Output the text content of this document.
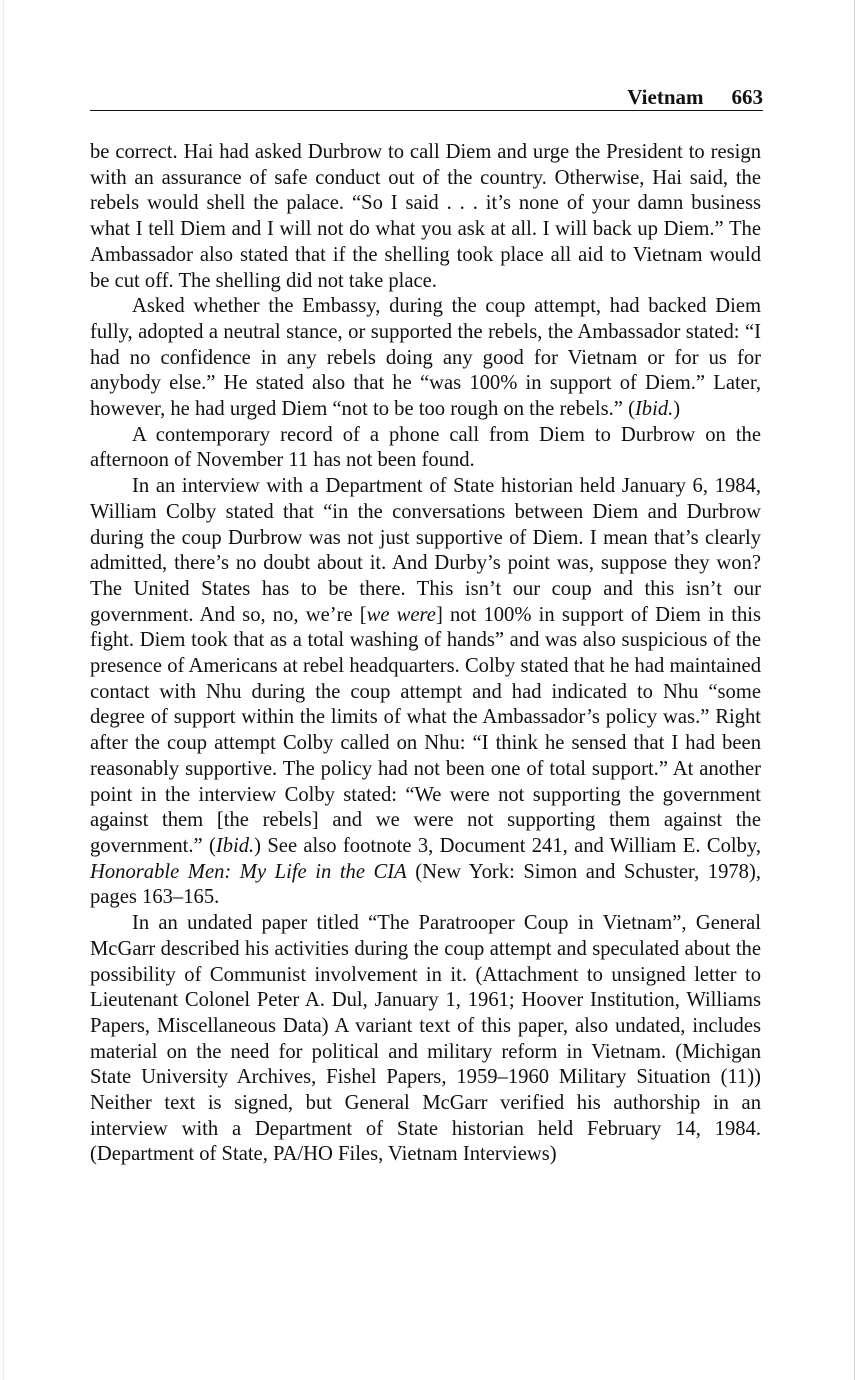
Vietnam 663

be correct. Hai had asked Durbrow to call Diem and urge the President to resign with an assurance of safe conduct out of the country. Otherwise, Hai said, the rebels would shell the palace. “So I said . . . it’s none of your damn business what I tell Diem and I will not do what you ask at all. I will back up Diem.” The Ambassador also stated that if the shelling took place all aid to Vietnam would be cut off. The shelling did not take place.

Asked whether the Embassy, during the coup attempt, had backed Diem fully, adopted a neutral stance, or supported the rebels, the Ambassador stated: “I had no confidence in any rebels doing any good for Vietnam or for us for anybody else.” He stated also that he “was 100% in support of Diem.” Later, however, he had urged Diem “not to be too rough on the rebels.” (Ibid.)

A contemporary record of a phone call from Diem to Durbrow on the afternoon of November 11 has not been found.

In an interview with a Department of State historian held January 6, 1984, William Colby stated that “in the conversations between Diem and Durbrow during the coup Durbrow was not just supportive of Diem. I mean that’s clearly admitted, there’s no doubt about it. And Durby’s point was, suppose they won? The United States has to be there. This isn’t our coup and this isn’t our government. And so, no, we’re [we were] not 100% in support of Diem in this fight. Diem took that as a total washing of hands” and was also suspicious of the presence of Americans at rebel headquarters. Colby stated that he had maintained contact with Nhu during the coup attempt and had indicated to Nhu “some degree of support within the limits of what the Ambassador’s policy was.” Right after the coup attempt Colby called on Nhu: “I think he sensed that I had been reasonably supportive. The policy had not been one of total support.” At another point in the interview Colby stated: “We were not supporting the government against them [the rebels] and we were not supporting them against the government.” (Ibid.) See also footnote 3, Document 241, and William E. Colby, Honorable Men: My Life in the CIA (New York: Simon and Schuster, 1978), pages 163–165.

In an undated paper titled “The Paratrooper Coup in Vietnam”, General McGarr described his activities during the coup attempt and speculated about the possibility of Communist involvement in it. (Attachment to unsigned letter to Lieutenant Colonel Peter A. Dul, January 1, 1961; Hoover Institution, Williams Papers, Miscellaneous Data) A variant text of this paper, also undated, includes material on the need for political and military reform in Vietnam. (Michigan State University Archives, Fishel Papers, 1959–1960 Military Situation (11)) Neither text is signed, but General McGarr verified his authorship in an interview with a Department of State historian held February 14, 1984. (Department of State, PA/HO Files, Vietnam Interviews)
